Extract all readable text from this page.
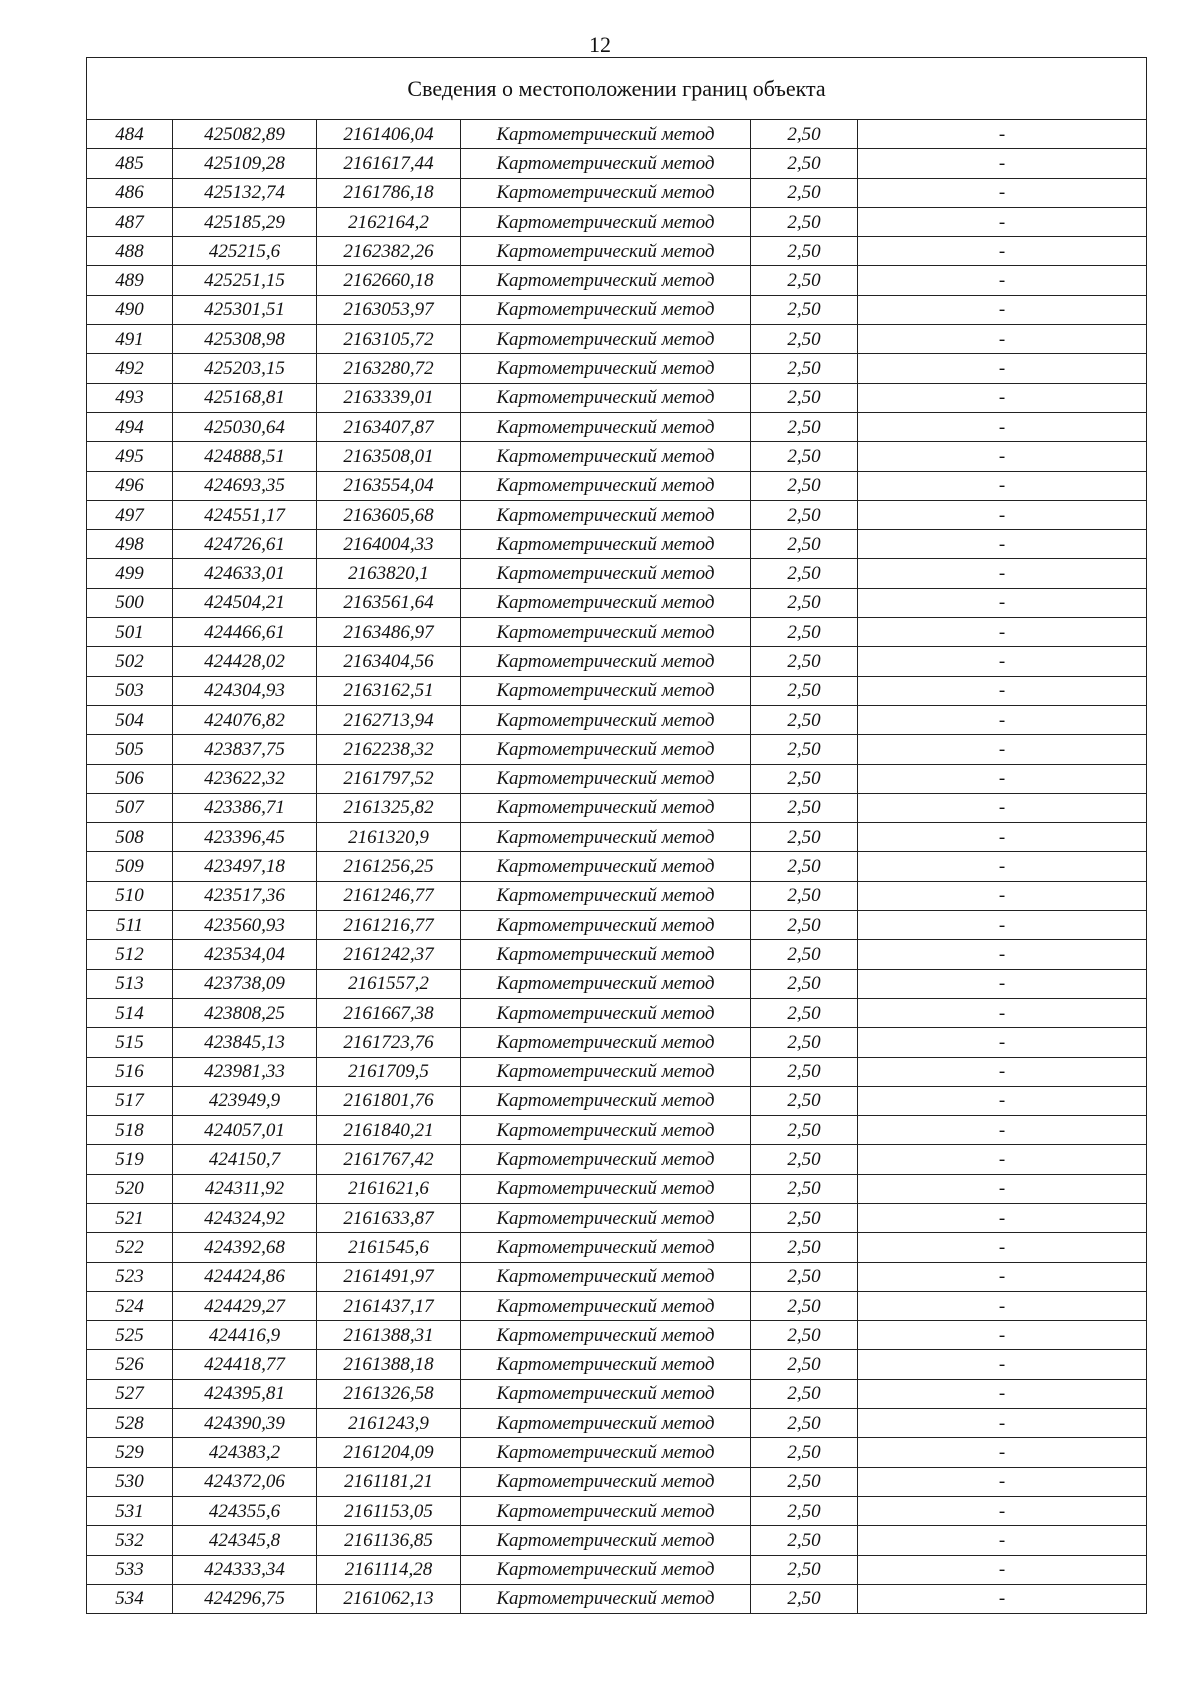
12
Сведения о местоположении границ объекта					
484	425082,89	2161406,04	Картометрический метод	2,50	-
485	425109,28	2161617,44	Картометрический метод	2,50	-
486	425132,74	2161786,18	Картометрический метод	2,50	-
487	425185,29	2162164,2	Картометрический метод	2,50	-
488	425215,6	2162382,26	Картометрический метод	2,50	-
489	425251,15	2162660,18	Картометрический метод	2,50	-
490	425301,51	2163053,97	Картометрический метод	2,50	-
491	425308,98	2163105,72	Картометрический метод	2,50	-
492	425203,15	2163280,72	Картометрический метод	2,50	-
493	425168,81	2163339,01	Картометрический метод	2,50	-
494	425030,64	2163407,87	Картометрический метод	2,50	-
495	424888,51	2163508,01	Картометрический метод	2,50	-
496	424693,35	2163554,04	Картометрический метод	2,50	-
497	424551,17	2163605,68	Картометрический метод	2,50	-
498	424726,61	2164004,33	Картометрический метод	2,50	-
499	424633,01	2163820,1	Картометрический метод	2,50	-
500	424504,21	2163561,64	Картометрический метод	2,50	-
501	424466,61	2163486,97	Картометрический метод	2,50	-
502	424428,02	2163404,56	Картометрический метод	2,50	-
503	424304,93	2163162,51	Картометрический метод	2,50	-
504	424076,82	2162713,94	Картометрический метод	2,50	-
505	423837,75	2162238,32	Картометрический метод	2,50	-
506	423622,32	2161797,52	Картометрический метод	2,50	-
507	423386,71	2161325,82	Картометрический метод	2,50	-
508	423396,45	2161320,9	Картометрический метод	2,50	-
509	423497,18	2161256,25	Картометрический метод	2,50	-
510	423517,36	2161246,77	Картометрический метод	2,50	-
511	423560,93	2161216,77	Картометрический метод	2,50	-
512	423534,04	2161242,37	Картометрический метод	2,50	-
513	423738,09	2161557,2	Картометрический метод	2,50	-
514	423808,25	2161667,38	Картометрический метод	2,50	-
515	423845,13	2161723,76	Картометрический метод	2,50	-
516	423981,33	2161709,5	Картометрический метод	2,50	-
517	423949,9	2161801,76	Картометрический метод	2,50	-
518	424057,01	2161840,21	Картометрический метод	2,50	-
519	424150,7	2161767,42	Картометрический метод	2,50	-
520	424311,92	2161621,6	Картометрический метод	2,50	-
521	424324,92	2161633,87	Картометрический метод	2,50	-
522	424392,68	2161545,6	Картометрический метод	2,50	-
523	424424,86	2161491,97	Картометрический метод	2,50	-
524	424429,27	2161437,17	Картометрический метод	2,50	-
525	424416,9	2161388,31	Картометрический метод	2,50	-
526	424418,77	2161388,18	Картометрический метод	2,50	-
527	424395,81	2161326,58	Картометрический метод	2,50	-
528	424390,39	2161243,9	Картометрический метод	2,50	-
529	424383,2	2161204,09	Картометрический метод	2,50	-
530	424372,06	2161181,21	Картометрический метод	2,50	-
531	424355,6	2161153,05	Картометрический метод	2,50	-
532	424345,8	2161136,85	Картометрический метод	2,50	-
533	424333,34	2161114,28	Картометрический метод	2,50	-
534	424296,75	2161062,13	Картометрический метод	2,50	-
